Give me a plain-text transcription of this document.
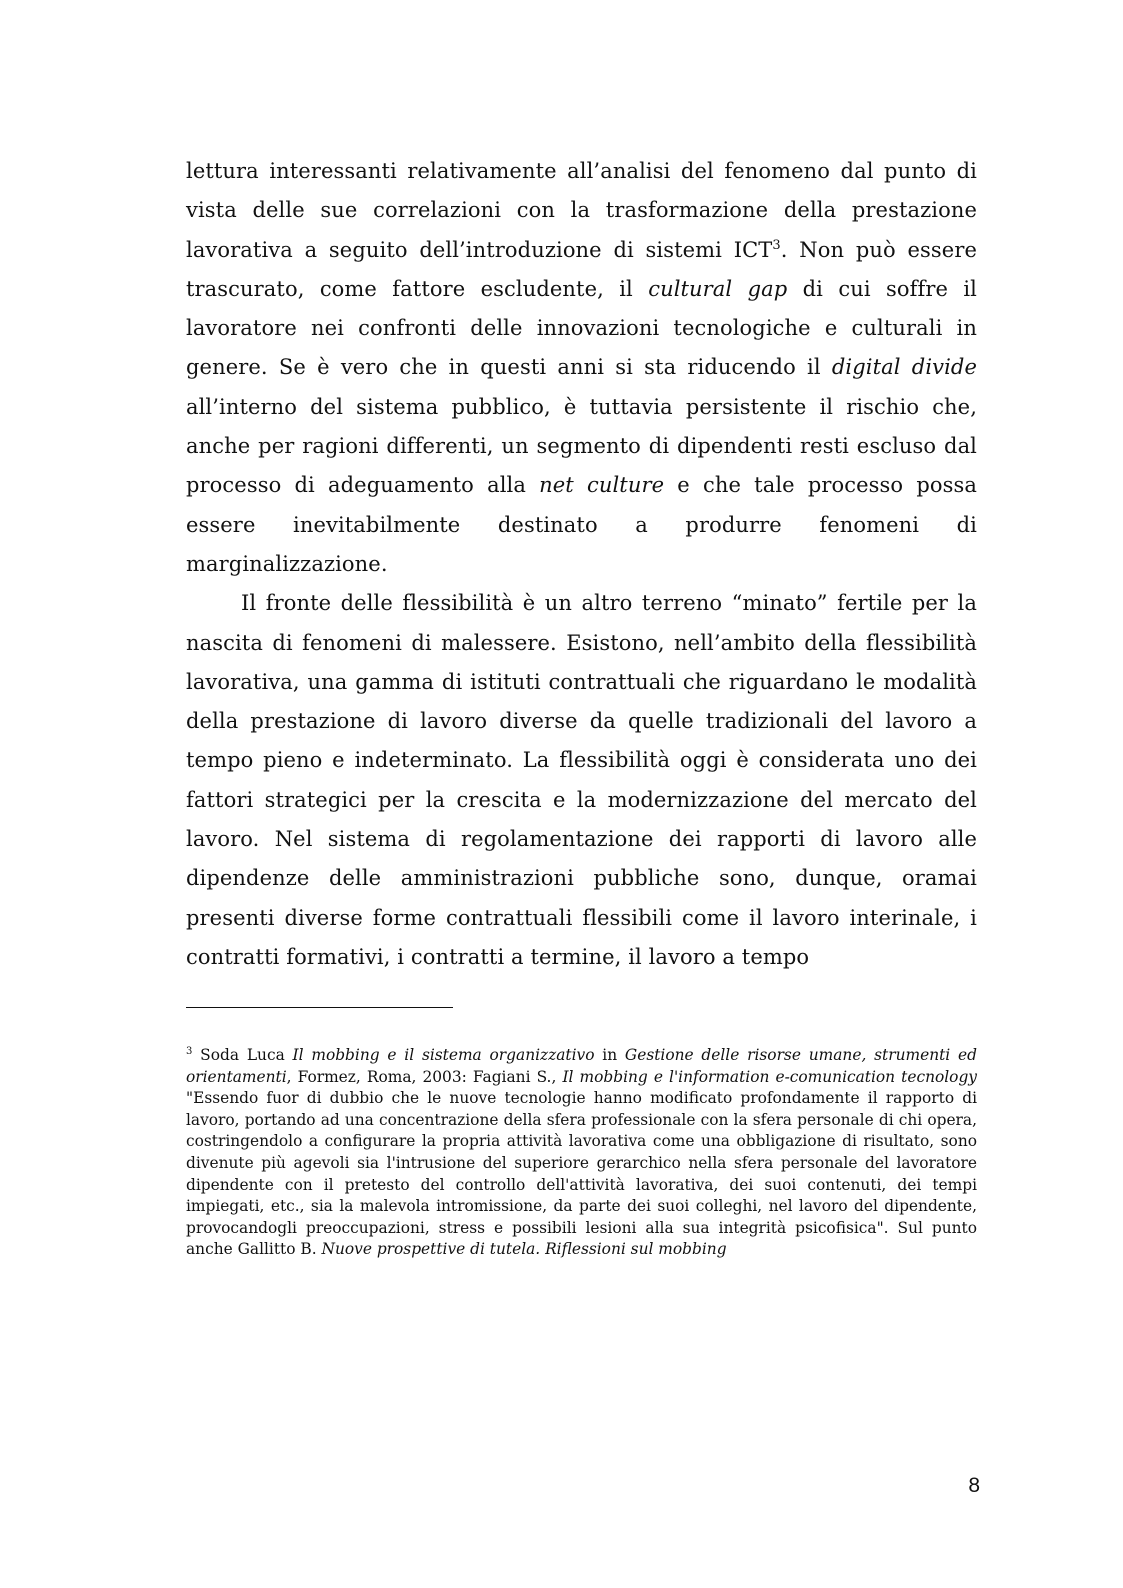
lettura interessanti relativamente all’analisi del fenomeno dal punto di vista delle sue correlazioni con la trasformazione della prestazione lavorativa a seguito dell’introduzione di sistemi ICT$^3$. Non può essere trascurato, come fattore escludente, il cultural gap di cui soffre il lavoratore nei confronti delle innovazioni tecnologiche e culturali in genere. Se è vero che in questi anni si sta riducendo il digital divide all’interno del sistema pubblico, è tuttavia persistente il rischio che, anche per ragioni differenti, un segmento di dipendenti resti escluso dal processo di adeguamento alla net culture e che tale processo possa essere inevitabilmente destinato a produrre fenomeni di marginalizzazione.

Il fronte delle flessibilità è un altro terreno “minato” fertile per la nascita di fenomeni di malessere. Esistono, nell’ambito della flessibilità lavorativa, una gamma di istituti contrattuali che riguardano le modalità della prestazione di lavoro diverse da quelle tradizionali del lavoro a tempo pieno e indeterminato. La flessibilità oggi è considerata uno dei fattori strategici per la crescita e la modernizzazione del mercato del lavoro. Nel sistema di regolamentazione dei rapporti di lavoro alle dipendenze delle amministrazioni pubbliche sono, dunque, oramai presenti diverse forme contrattuali flessibili come il lavoro interinale, i contratti formativi, i contratti a termine, il lavoro a tempo

$^3$ Soda Luca Il mobbing e il sistema organizzativo in Gestione delle risorse umane, strumenti ed orientamenti, Formez, Roma, 2003: Fagiani S., Il mobbing e l'information e-comunication tecnology "Essendo fuor di dubbio che le nuove tecnologie hanno modificato profondamente il rapporto di lavoro, portando ad una concentrazione della sfera professionale con la sfera personale di chi opera, costringendolo a configurare la propria attività lavorativa come una obbligazione di risultato, sono divenute più agevoli sia l'intrusione del superiore gerarchico nella sfera personale del lavoratore dipendente con il pretesto del controllo dell'attività lavorativa, dei suoi contenuti, dei tempi impiegati, etc., sia la malevola intromissione, da parte dei suoi colleghi, nel lavoro del dipendente, provocandogli preoccupazioni, stress e possibili lesioni alla sua integrità psicofisica". Sul punto anche Gallitto B. Nuove prospettive di tutela. Riflessioni sul mobbing
8
